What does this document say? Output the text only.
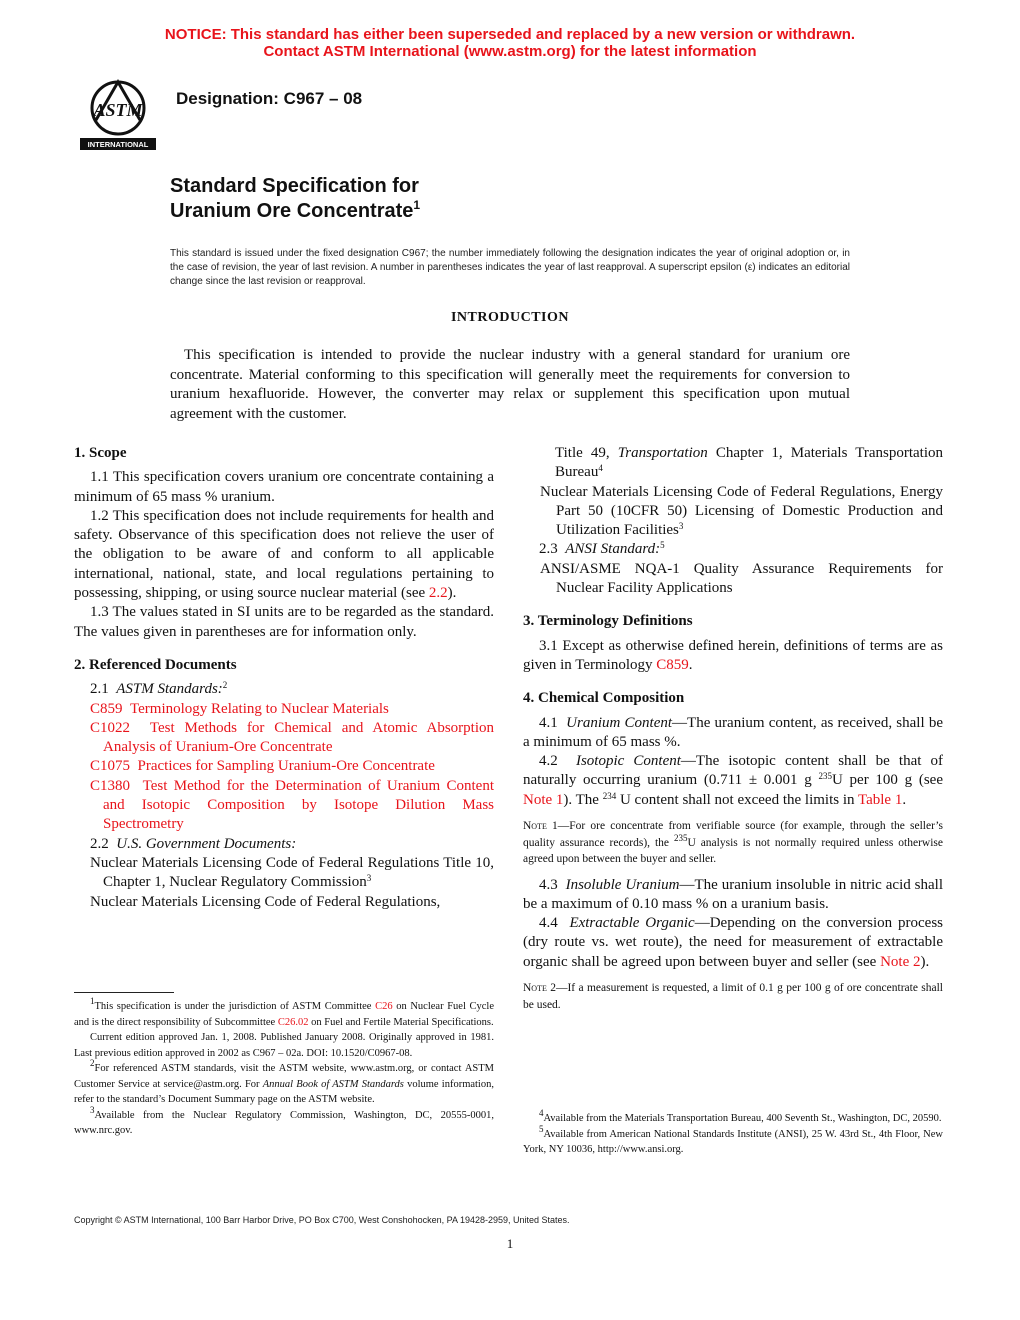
NOTICE: This standard has either been superseded and replaced by a new version or withdrawn.
Contact ASTM International (www.astm.org) for the latest information
ASTM
INTERNATIONAL
Designation: C967 – 08
Standard Specification for
Uranium Ore Concentrate$^1$
This standard is issued under the fixed designation C967; the number immediately following the designation indicates the year of original adoption or, in the case of revision, the year of last revision. A number in parentheses indicates the year of last reapproval. A superscript epsilon (ε) indicates an editorial change since the last revision or reapproval.
INTRODUCTION
This specification is intended to provide the nuclear industry with a general standard for uranium ore concentrate. Material conforming to this specification will generally meet the requirements for conversion to uranium hexafluoride. However, the converter may relax or supplement this specification upon mutual agreement with the customer.

1. Scope

1.1 This specification covers uranium ore concentrate containing a minimum of 65 mass % uranium.

1.2 This specification does not include requirements for health and safety. Observance of this specification does not relieve the user of the obligation to be aware of and conform to all applicable international, national, state, and local regulations pertaining to possessing, shipping, or using source nuclear material (see 2.2).

1.3 The values stated in SI units are to be regarded as the standard. The values given in parentheses are for information only.

2. Referenced Documents

2.1 ASTM Standards:$^2$

C859 Terminology Relating to Nuclear Materials

C1022 Test Methods for Chemical and Atomic Absorption Analysis of Uranium-Ore Concentrate

C1075 Practices for Sampling Uranium-Ore Concentrate

C1380 Test Method for the Determination of Uranium Content and Isotopic Composition by Isotope Dilution Mass Spectrometry

2.2 U.S. Government Documents:

Nuclear Materials Licensing Code of Federal Regulations Title 10, Chapter 1, Nuclear Regulatory Commission$^3$

Nuclear Materials Licensing Code of Federal Regulations,

Title 49, Transportation Chapter 1, Materials Transportation Bureau$^4$

Nuclear Materials Licensing Code of Federal Regulations, Energy Part 50 (10CFR 50) Licensing of Domestic Production and Utilization Facilities$^3$

2.3 ANSI Standard:$^5$

ANSI/ASME NQA-1 Quality Assurance Requirements for Nuclear Facility Applications

3. Terminology Definitions

3.1 Except as otherwise defined herein, definitions of terms are as given in Terminology C859.

4. Chemical Composition

4.1 Uranium Content—The uranium content, as received, shall be a minimum of 65 mass %.

4.2 Isotopic Content—The isotopic content shall be that of naturally occurring uranium (0.711 ± 0.001 g $^{235}$U per 100 g (see Note 1). The $^{234}$ U content shall not exceed the limits in Table 1.

Note 1—For ore concentrate from verifiable source (for example, through the seller’s quality assurance records), the $^{235}$U analysis is not normally required unless otherwise agreed upon between the buyer and seller.

4.3 Insoluble Uranium—The uranium insoluble in nitric acid shall be a maximum of 0.10 mass % on a uranium basis.

4.4 Extractable Organic—Depending on the conversion process (dry route vs. wet route), the need for measurement of extractable organic shall be agreed upon between buyer and seller (see Note 2).

Note 2—If a measurement is requested, a limit of 0.1 g per 100 g of ore concentrate shall be used.

$^1$This specification is under the jurisdiction of ASTM Committee C26 on Nuclear Fuel Cycle and is the direct responsibility of Subcommittee C26.02 on Fuel and Fertile Material Specifications.

Current edition approved Jan. 1, 2008. Published January 2008. Originally approved in 1981. Last previous edition approved in 2002 as C967 – 02a. DOI: 10.1520/C0967-08.

$^2$For referenced ASTM standards, visit the ASTM website, www.astm.org, or contact ASTM Customer Service at service@astm.org. For Annual Book of ASTM Standards volume information, refer to the standard’s Document Summary page on the ASTM website.

$^3$Available from the Nuclear Regulatory Commission, Washington, DC, 20555-0001, www.nrc.gov.

$^4$Available from the Materials Transportation Bureau, 400 Seventh St., Washington, DC, 20590.

$^5$Available from American National Standards Institute (ANSI), 25 W. 43rd St., 4th Floor, New York, NY 10036, http://www.ansi.org.

Copyright © ASTM International, 100 Barr Harbor Drive, PO Box C700, West Conshohocken, PA 19428-2959, United States.
1
